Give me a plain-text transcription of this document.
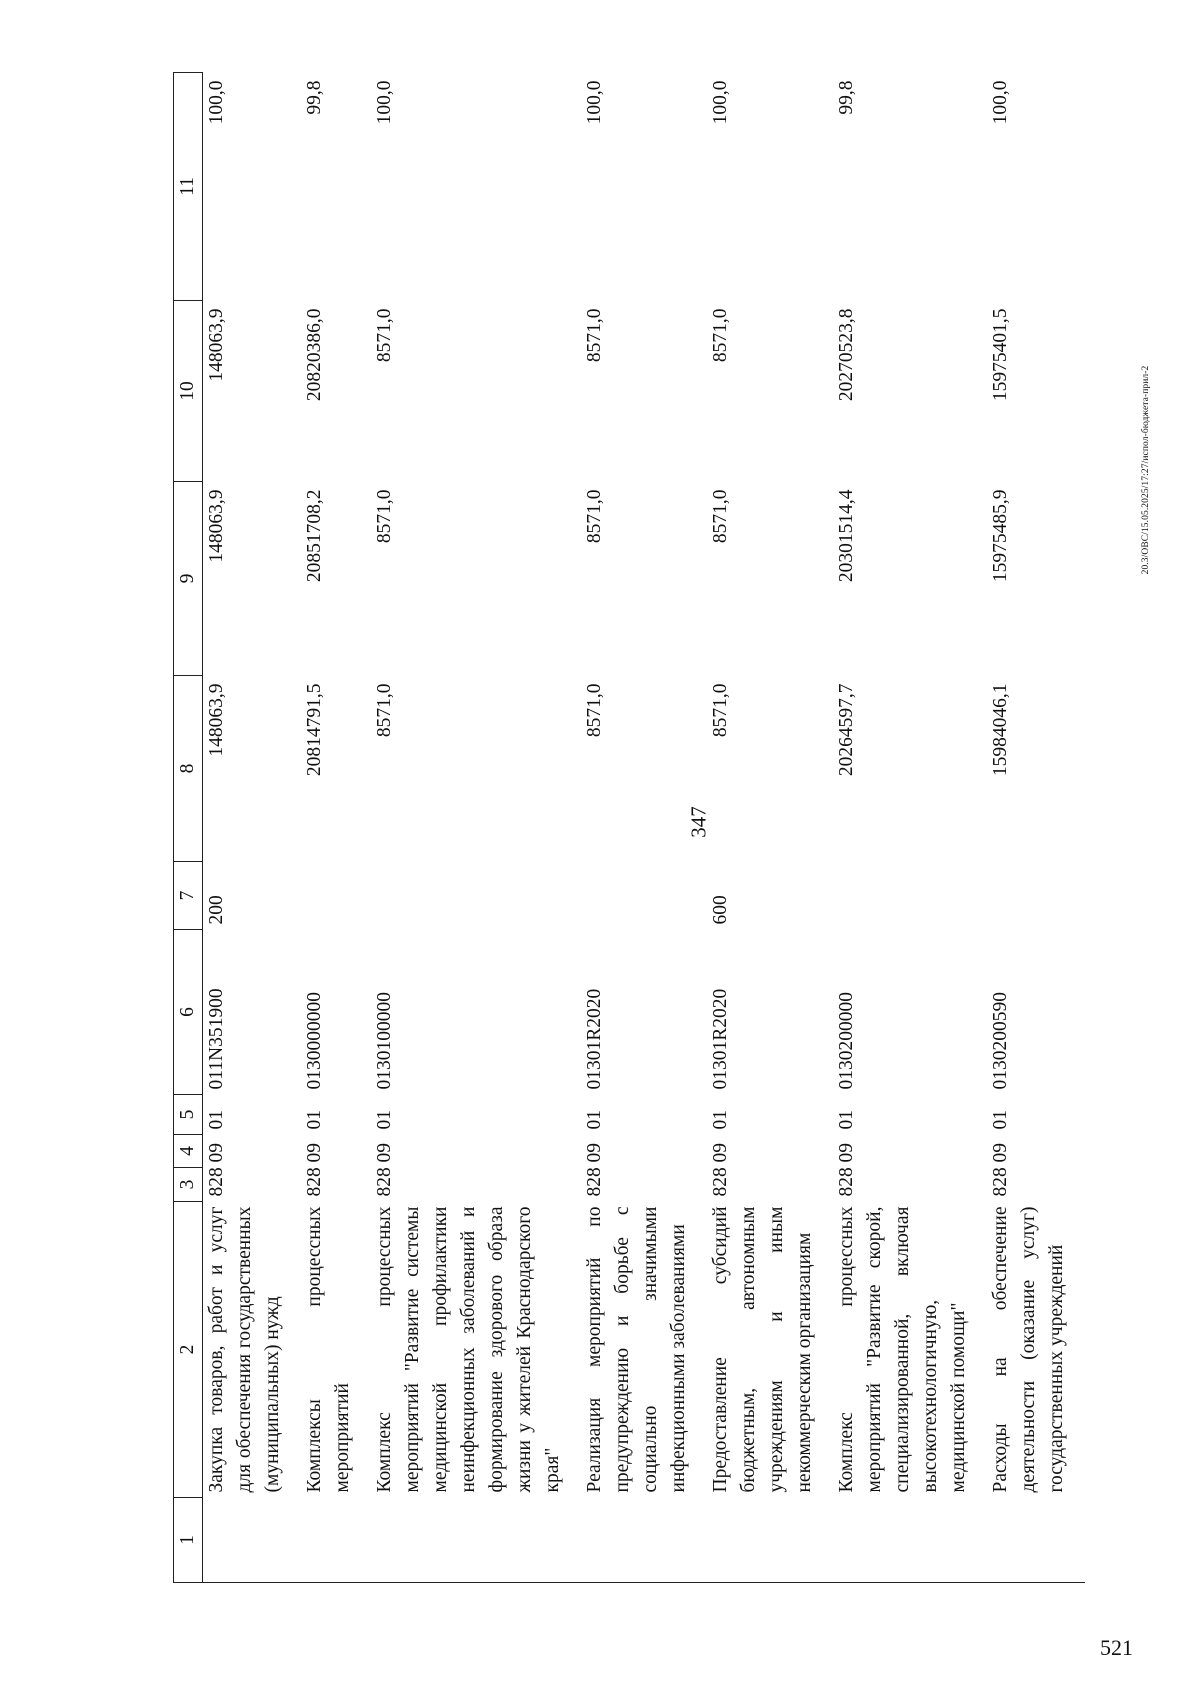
347
1	2	3	4	5	6	7	8	9	10	11
	Закупка товаров, работ и услуг для обеспечения государственных (муниципальных) нужд	828	09	01	011N351900	200	148063,9	148063,9	148063,9	100,0
	Комплексы процессных мероприятий	828	09	01	0130000000		20814791,5	20851708,2	20820386,0	99,8
	Комплекс процессных мероприятий "Развитие системы медицинской профилактики неинфекционных заболеваний и формирование здорового образа жизни у жителей Краснодарского края"	828	09	01	0130100000		8571,0	8571,0	8571,0	100,0
	Реализация мероприятий по предупреждению и борьбе с социально значимыми инфекционными заболеваниями	828	09	01	01301R2020		8571,0	8571,0	8571,0	100,0
	Предоставление субсидий бюджетным, автономным учреждениям и иным некоммерческим организациям	828	09	01	01301R2020	600	8571,0	8571,0	8571,0	100,0
	Комплекс процессных мероприятий "Развитие скорой, специализированной, включая высокотехнологичную, медицинской помощи"	828	09	01	0130200000		20264597,7	20301514,4	20270523,8	99,8
	Расходы на обеспечение деятельности (оказание услуг) государственных учреждений	828	09	01	0130200590		15984046,1	15975485,9	15975401,5	100,0
20.3/ОВС/15.05.2025/17:27/испол-бюджета-прил-2
521
